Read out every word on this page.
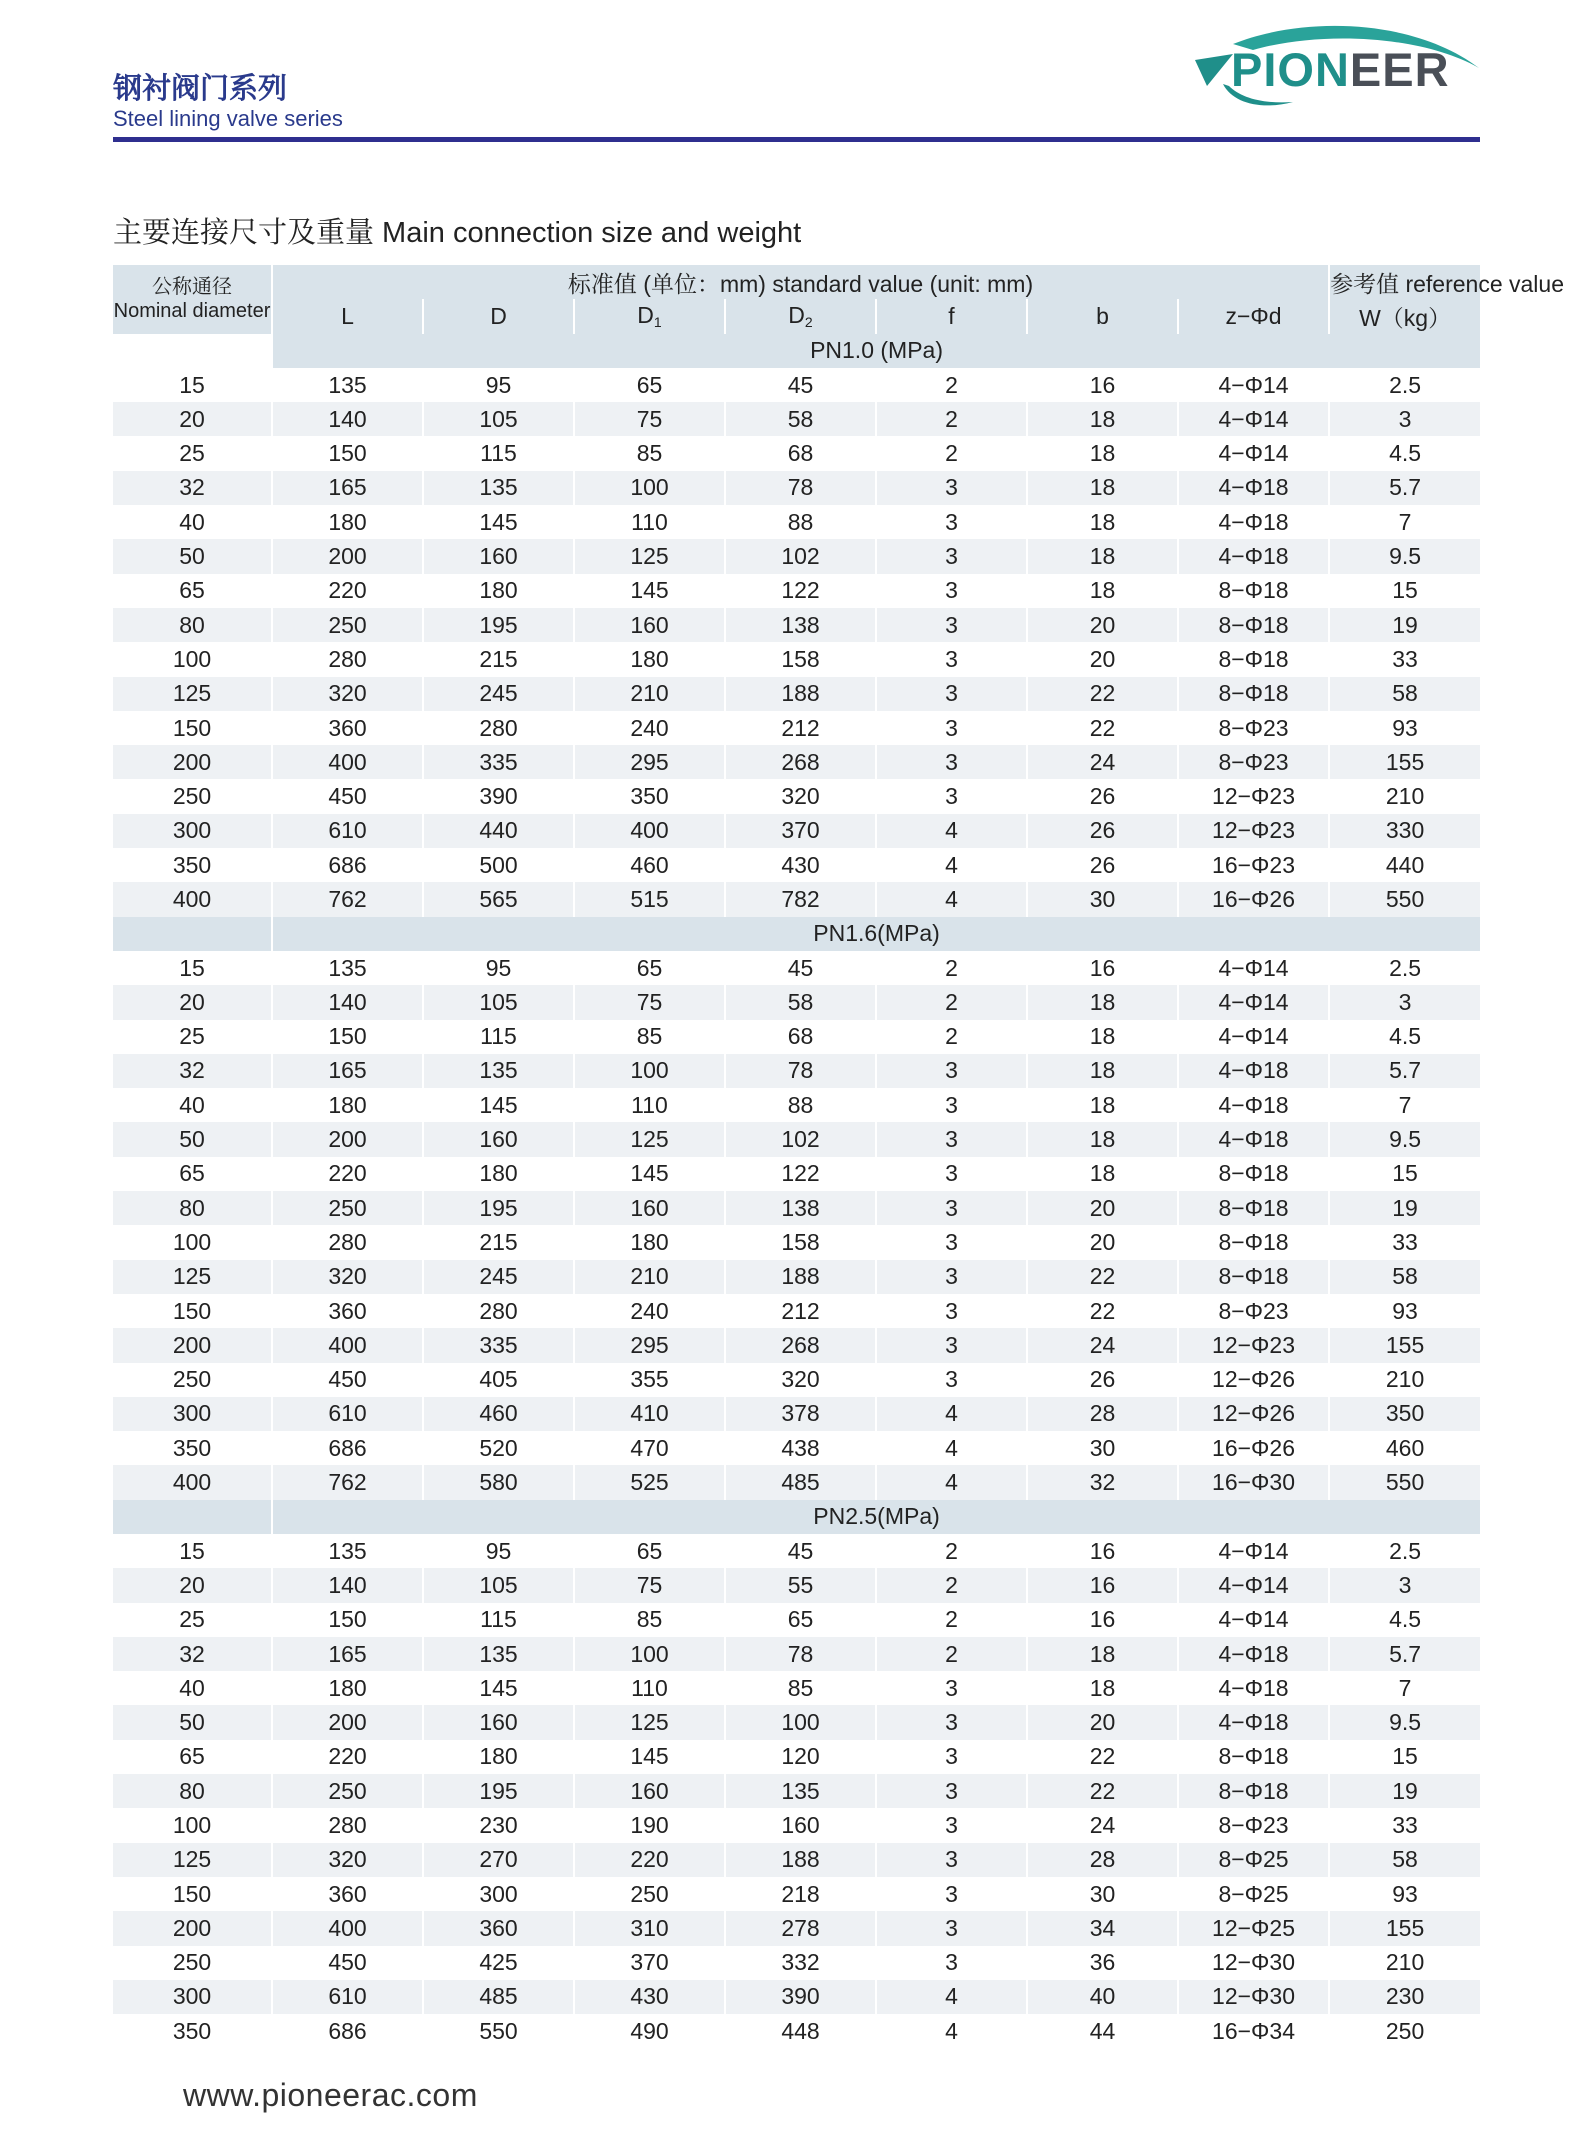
钢衬阀门系列
Steel lining valve series
PIONEER
主要连接尺寸及重量 Main connection size and weight
公称通径
Nominal diameter	标准值 (单位：mm) standard value (unit: mm)							参考值 reference value
	L	D	$D_1$	$D_2$	f	b	z−Φd	W（kg）
	PN1.0 (MPa)							
15	135	95	65	45	2	16	4−Φ14	2.5
20	140	105	75	58	2	18	4−Φ14	3
25	150	115	85	68	2	18	4−Φ14	4.5
32	165	135	100	78	3	18	4−Φ18	5.7
40	180	145	110	88	3	18	4−Φ18	7
50	200	160	125	102	3	18	4−Φ18	9.5
65	220	180	145	122	3	18	8−Φ18	15
80	250	195	160	138	3	20	8−Φ18	19
100	280	215	180	158	3	20	8−Φ18	33
125	320	245	210	188	3	22	8−Φ18	58
150	360	280	240	212	3	22	8−Φ23	93
200	400	335	295	268	3	24	8−Φ23	155
250	450	390	350	320	3	26	12−Φ23	210
300	610	440	400	370	4	26	12−Φ23	330
350	686	500	460	430	4	26	16−Φ23	440
400	762	565	515	782	4	30	16−Φ26	550
	PN1.6(MPa)							
15	135	95	65	45	2	16	4−Φ14	2.5
20	140	105	75	58	2	18	4−Φ14	3
25	150	115	85	68	2	18	4−Φ14	4.5
32	165	135	100	78	3	18	4−Φ18	5.7
40	180	145	110	88	3	18	4−Φ18	7
50	200	160	125	102	3	18	4−Φ18	9.5
65	220	180	145	122	3	18	8−Φ18	15
80	250	195	160	138	3	20	8−Φ18	19
100	280	215	180	158	3	20	8−Φ18	33
125	320	245	210	188	3	22	8−Φ18	58
150	360	280	240	212	3	22	8−Φ23	93
200	400	335	295	268	3	24	12−Φ23	155
250	450	405	355	320	3	26	12−Φ26	210
300	610	460	410	378	4	28	12−Φ26	350
350	686	520	470	438	4	30	16−Φ26	460
400	762	580	525	485	4	32	16−Φ30	550
	PN2.5(MPa)							
15	135	95	65	45	2	16	4−Φ14	2.5
20	140	105	75	55	2	16	4−Φ14	3
25	150	115	85	65	2	16	4−Φ14	4.5
32	165	135	100	78	2	18	4−Φ18	5.7
40	180	145	110	85	3	18	4−Φ18	7
50	200	160	125	100	3	20	4−Φ18	9.5
65	220	180	145	120	3	22	8−Φ18	15
80	250	195	160	135	3	22	8−Φ18	19
100	280	230	190	160	3	24	8−Φ23	33
125	320	270	220	188	3	28	8−Φ25	58
150	360	300	250	218	3	30	8−Φ25	93
200	400	360	310	278	3	34	12−Φ25	155
250	450	425	370	332	3	36	12−Φ30	210
300	610	485	430	390	4	40	12−Φ30	230
350	686	550	490	448	4	44	16−Φ34	250
www.pioneerac.com
